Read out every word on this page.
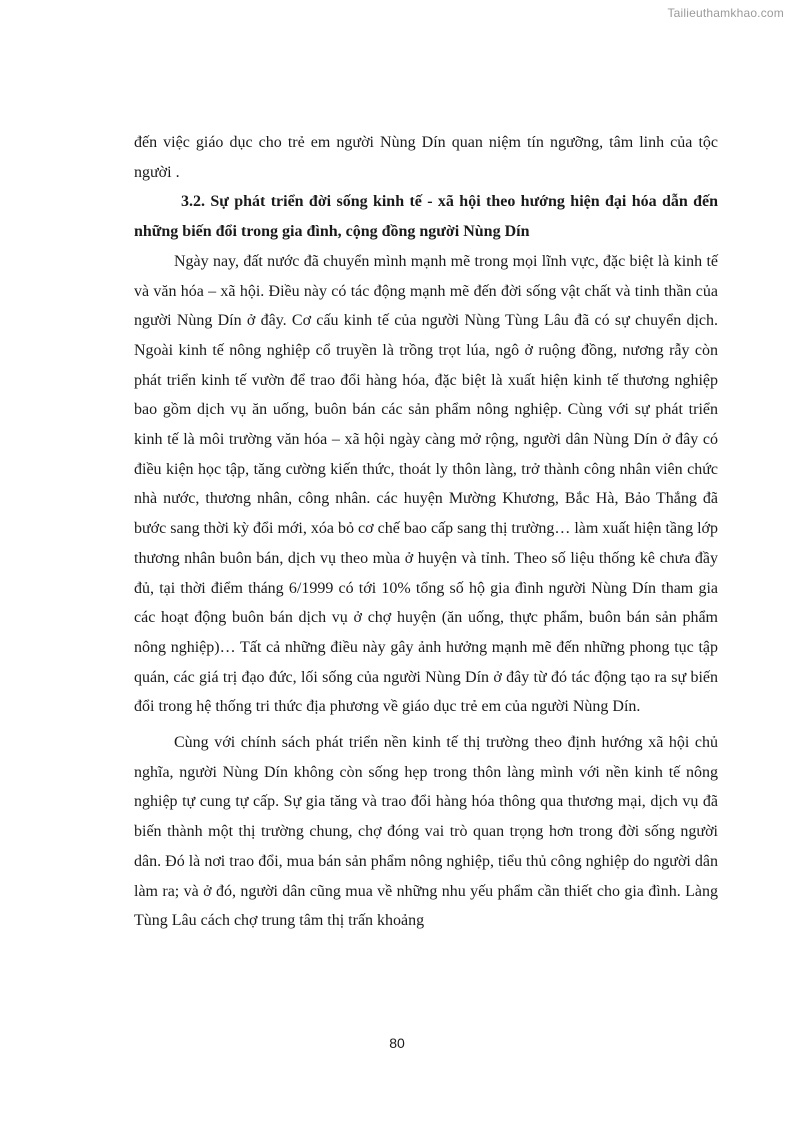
Tailieuthamkhao.com

đến việc giáo dục cho trẻ em người Nùng Dín quan niệm tín ngưỡng, tâm linh của tộc người .

3.2. Sự phát triển đời sống kinh tế - xã hội theo hướng hiện đại hóa dẫn đến những biến đổi trong gia đình, cộng đồng người Nùng Dín

Ngày nay, đất nước đã chuyển mình mạnh mẽ trong mọi lĩnh vực, đặc biệt là kinh tế và văn hóa – xã hội. Điều này có tác động mạnh mẽ đến đời sống vật chất và tinh thần của người Nùng Dín ở đây. Cơ cấu kinh tế của người Nùng Tùng Lâu đã có sự chuyển dịch. Ngoài kinh tế nông nghiệp cổ truyền là trồng trọt lúa, ngô ở ruộng đồng, nương rẫy còn phát triển kinh tế vườn để trao đổi hàng hóa, đặc biệt là xuất hiện kinh tế thương nghiệp bao gồm dịch vụ ăn uống, buôn bán các sản phẩm nông nghiệp. Cùng với sự phát triển kinh tế là môi trường văn hóa – xã hội ngày càng mở rộng, người dân Nùng Dín ở đây có điều kiện học tập, tăng cường kiến thức, thoát ly thôn làng, trở thành công nhân viên chức nhà nước, thương nhân, công nhân. các huyện Mường Khương, Bắc Hà, Bảo Thắng đã bước sang thời kỳ đổi mới, xóa bỏ cơ chế bao cấp sang thị trường… làm xuất hiện tầng lớp thương nhân buôn bán, dịch vụ theo mùa ở huyện và tỉnh. Theo số liệu thống kê chưa đầy đủ, tại thời điểm tháng 6/1999 có tới 10% tổng số hộ gia đình người Nùng Dín tham gia các hoạt động buôn bán dịch vụ ở chợ huyện (ăn uống, thực phẩm, buôn bán sản phẩm nông nghiệp)… Tất cả những điều này gây ảnh hưởng mạnh mẽ đến những phong tục tập quán, các giá trị đạo đức, lối sống của người Nùng Dín ở đây từ đó tác động tạo ra sự biến đổi trong hệ thống tri thức địa phương về giáo dục trẻ em của người Nùng Dín.

Cùng với chính sách phát triển nền kinh tế thị trường theo định hướng xã hội chủ nghĩa, người Nùng Dín không còn sống hẹp trong thôn làng mình với nền kinh tế nông nghiệp tự cung tự cấp. Sự gia tăng và trao đổi hàng hóa thông qua thương mại, dịch vụ đã biến thành một thị trường chung, chợ đóng vai trò quan trọng hơn trong đời sống người dân. Đó là nơi trao đổi, mua bán sản phẩm nông nghiệp, tiểu thủ công nghiệp do người dân làm ra; và ở đó, người dân cũng mua về những nhu yếu phẩm cần thiết cho gia đình. Làng Tùng Lâu cách chợ trung tâm thị trấn khoảng

80
